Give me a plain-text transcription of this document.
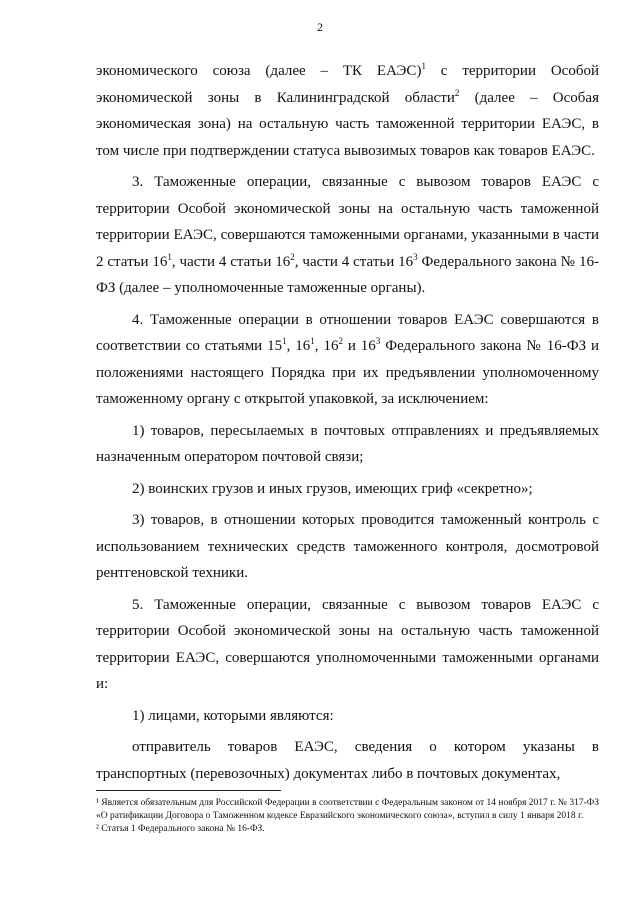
2

экономического союза (далее – ТК ЕАЭС)$^1$ с территории Особой экономической зоны в Калининградской области$^2$ (далее – Особая экономическая зона) на остальную часть таможенной территории ЕАЭС, в том числе при подтверждении статуса вывозимых товаров как товаров ЕАЭС.

3. Таможенные операции, связанные с вывозом товаров ЕАЭС с территории Особой экономической зоны на остальную часть таможенной территории ЕАЭС, совершаются таможенными органами, указанными в части 2 статьи $16^1$, части 4 статьи $16^2$, части 4 статьи $16^3$ Федерального закона № 16-ФЗ (далее – уполномоченные таможенные органы).

4. Таможенные операции в отношении товаров ЕАЭС совершаются в соответствии со статьями $15^1$, $16^1$, $16^2$ и $16^3$ Федерального закона № 16-ФЗ и положениями настоящего Порядка при их предъявлении уполномоченному таможенному органу с открытой упаковкой, за исключением:

1) товаров, пересылаемых в почтовых отправлениях и предъявляемых назначенным оператором почтовой связи;

2) воинских грузов и иных грузов, имеющих гриф «секретно»;

3) товаров, в отношении которых проводится таможенный контроль с использованием технических средств таможенного контроля, досмотровой рентгеновской техники.

5. Таможенные операции, связанные с вывозом товаров ЕАЭС с территории Особой экономической зоны на остальную часть таможенной территории ЕАЭС, совершаются уполномоченными таможенными органами и:

1) лицами, которыми являются:

отправитель товаров ЕАЭС, сведения о котором указаны в транспортных (перевозочных) документах либо в почтовых документах,

¹ Является обязательным для Российской Федерации в соответствии с Федеральным законом от 14 ноября 2017 г. № 317-ФЗ «О ратификации Договора о Таможенном кодексе Евразийского экономического союза», вступил в силу 1 января 2018 г.

² Статья 1 Федерального закона № 16-ФЗ.
